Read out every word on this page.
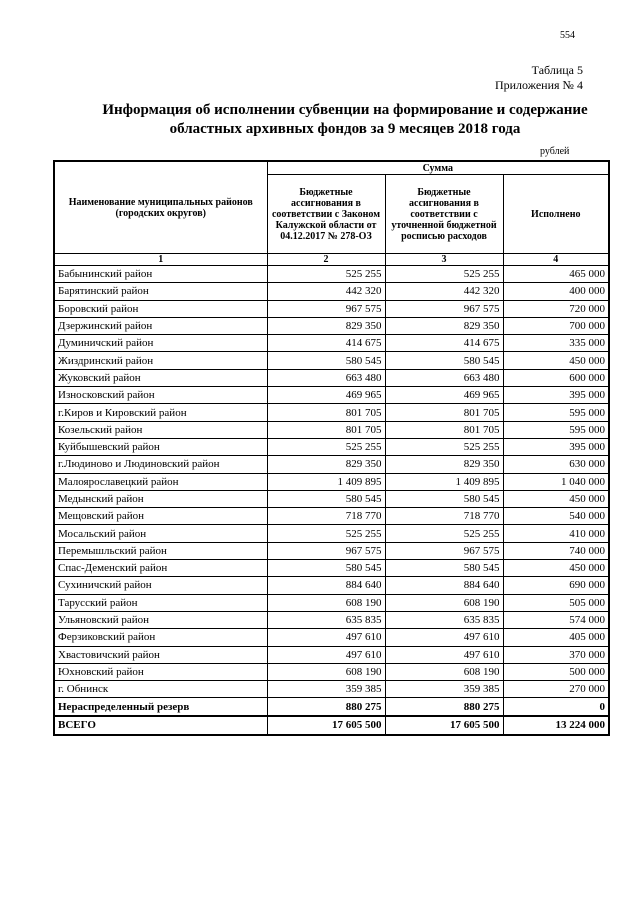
554
Таблица 5
Приложения № 4
Информация об исполнении субвенции на формирование и содержание
областных архивных фондов за 9 месяцев 2018 года
рублей
Наименование муниципальных районов (городских округов)	Сумма		
	Бюджетные ассигнования в соответствии с Законом Калужской области от 04.12.2017 № 278-ОЗ	Бюджетные ассигнования в соответствии с уточненной бюджетной росписью расходов	Исполнено
1	2	3	4
Бабынинский район	525 255	525 255	465 000
Барятинский район	442 320	442 320	400 000
Боровский район	967 575	967 575	720 000
Дзержинский район	829 350	829 350	700 000
Думиничский район	414 675	414 675	335 000
Жиздринский район	580 545	580 545	450 000
Жуковский район	663 480	663 480	600 000
Износковский район	469 965	469 965	395 000
г.Киров и Кировский район	801 705	801 705	595 000
Козельский район	801 705	801 705	595 000
Куйбышевский район	525 255	525 255	395 000
г.Людиново и Людиновский район	829 350	829 350	630 000
Малоярославецкий район	1 409 895	1 409 895	1 040 000
Медынский район	580 545	580 545	450 000
Мещовский район	718 770	718 770	540 000
Мосальский район	525 255	525 255	410 000
Перемышльский район	967 575	967 575	740 000
Спас-Деменский район	580 545	580 545	450 000
Сухиничский район	884 640	884 640	690 000
Тарусский район	608 190	608 190	505 000
Ульяновский район	635 835	635 835	574 000
Ферзиковский район	497 610	497 610	405 000
Хвастовичский район	497 610	497 610	370 000
Юхновский район	608 190	608 190	500 000
г. Обнинск	359 385	359 385	270 000
Нераспределенный резерв	880 275	880 275	0
ВСЕГО	17 605 500	17 605 500	13 224 000
